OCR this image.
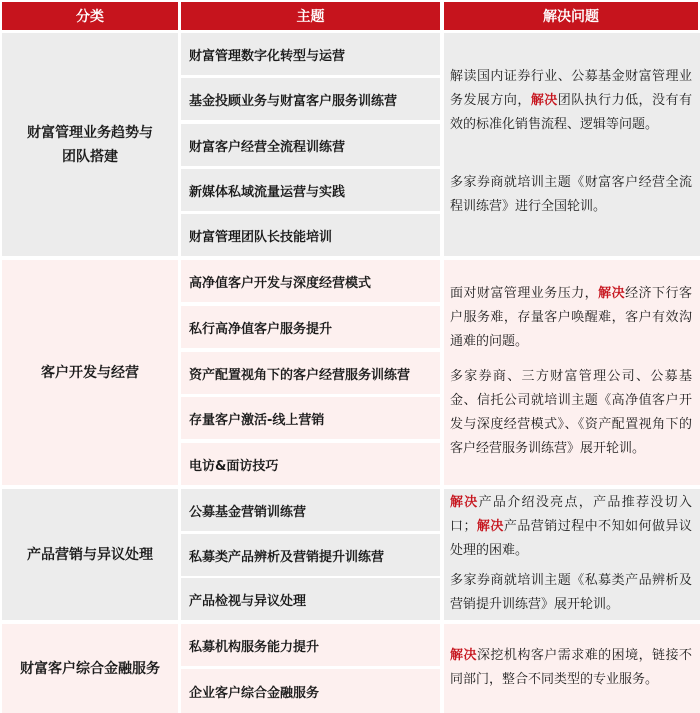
分类	主题	解决问题
财富管理业务趋势与
团队搭建
财富管理数字化转型与运营
基金投顾业务与财富客户服务训练营
财富客户经营全流程训练营
新媒体私域流量运营与实践
财富管理团队长技能培训
解读国内证券行业、公募基金财富管理业务发展方向，解决团队执行力低，没有有效的标准化销售流程、逻辑等问题。
多家券商就培训主题《财富客户经营全流程训练营》进行全国轮训。
客户开发与经营
高净值客户开发与深度经营模式
私行高净值客户服务提升
资产配置视角下的客户经营服务训练营
存量客户激活-线上营销
电访&面访技巧
面对财富管理业务压力，解决经济下行客户服务难，存量客户唤醒难，客户有效沟通难的问题。
多家券商、三方财富管理公司、公募基金、信托公司就培训主题《高净值客户开发与深度经营模式》、《资产配置视角下的客户经营服务训练营》展开轮训。
产品营销与异议处理
公募基金营销训练营
私募类产品辨析及营销提升训练营
产品检视与异议处理
解决产品介绍没亮点，产品推荐没切入口；解决产品营销过程中不知如何做异议处理的困难。
多家券商就培训主题《私募类产品辨析及营销提升训练营》展开轮训。
财富客户综合金融服务
私募机构服务能力提升
企业客户综合金融服务
解决深挖机构客户需求难的困境，链接不同部门，整合不同类型的专业服务。
